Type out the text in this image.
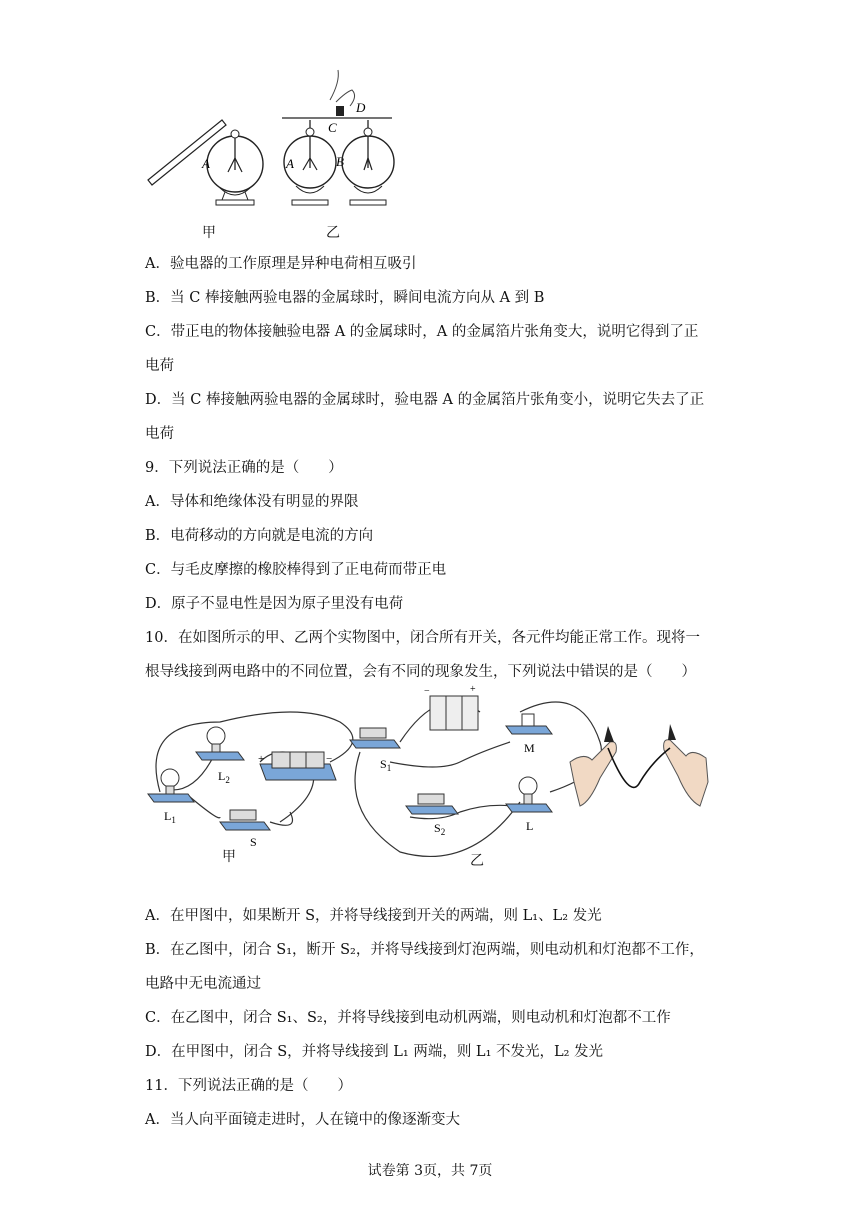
A
D
C
B
A
甲	乙
A．验电器的工作原理是异种电荷相互吸引
B．当 C 棒接触两验电器的金属球时，瞬间电流方向从 A 到 B
C．带正电的物体接触验电器 A 的金属球时，A 的金属箔片张角变大，说明它得到了正
电荷
D．当 C 棒接触两验电器的金属球时，验电器 A 的金属箔片张角变小，说明它失去了正
电荷
9．下列说法正确的是（　　）
A．导体和绝缘体没有明显的界限
B．电荷移动的方向就是电流的方向
C．与毛皮摩擦的橡胶棒得到了正电荷而带正电
D．原子不显电性是因为原子里没有电荷
10．在如图所示的甲、乙两个实物图中，闭合所有开关，各元件均能正常工作。现将一
根导线接到两电路中的不同位置，会有不同的现象发生，下列说法中错误的是（　　）
$L_2$
+	−
$L_1$
S
−	+
$S_1$
M
$S_2$	L
甲	乙
A．在甲图中，如果断开 S，并将导线接到开关的两端，则 L₁、L₂ 发光
B．在乙图中，闭合 S₁，断开 S₂，并将导线接到灯泡两端，则电动机和灯泡都不工作，
电路中无电流通过
C．在乙图中，闭合 S₁、S₂，并将导线接到电动机两端，则电动机和灯泡都不工作
D．在甲图中，闭合 S，并将导线接到 L₁ 两端，则 L₁ 不发光，L₂ 发光
11．下列说法正确的是（　　）
A．当人向平面镜走进时，人在镜中的像逐渐变大
试卷第 3页，共 7页
